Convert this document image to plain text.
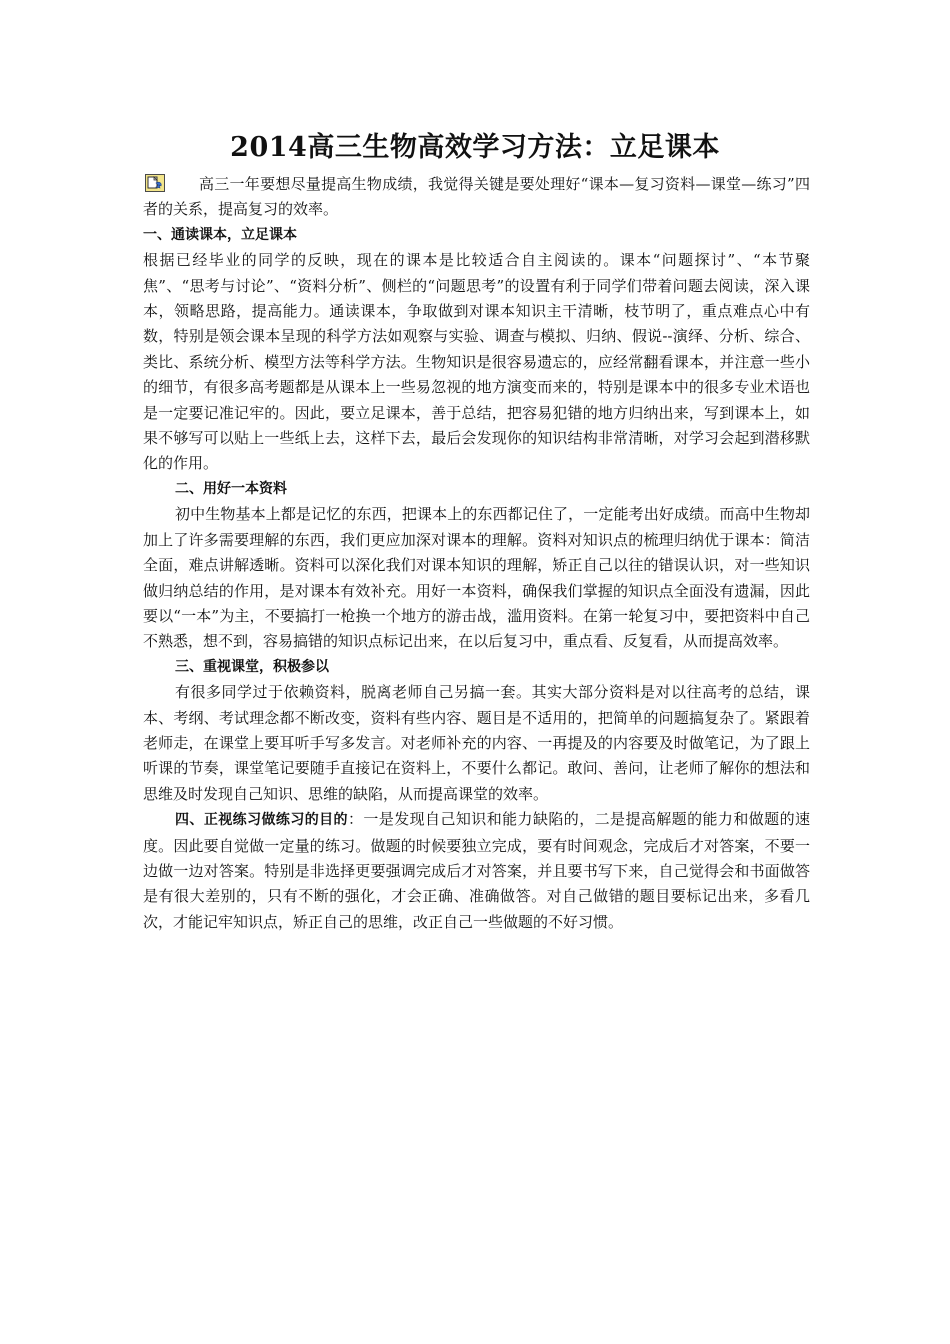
2014高三生物高效学习方法：立足课本

高三一年要想尽量提高生物成绩，我觉得关键是要处理好“课本—复习资料—课堂—练习”四者的关系，提高复习的效率。

一、通读课本，立足课本

根据已经毕业的同学的反映，现在的课本是比较适合自主阅读的。课本“问题探讨”、“本节聚焦”、“思考与讨论”、“资料分析”、侧栏的“问题思考”的设置有利于同学们带着问题去阅读，深入课本，领略思路，提高能力。通读课本，争取做到对课本知识主干清晰，枝节明了，重点难点心中有数，特别是领会课本呈现的科学方法如观察与实验、调查与模拟、归纳、假说--演绎、分析、综合、类比、系统分析、模型方法等科学方法。生物知识是很容易遗忘的，应经常翻看课本，并注意一些小的细节，有很多高考题都是从课本上一些易忽视的地方演变而来的，特别是课本中的很多专业术语也是一定要记准记牢的。因此，要立足课本，善于总结，把容易犯错的地方归纳出来，写到课本上，如果不够写可以贴上一些纸上去，这样下去，最后会发现你的知识结构非常清晰，对学习会起到潜移默化的作用。

二、用好一本资料

初中生物基本上都是记忆的东西，把课本上的东西都记住了，一定能考出好成绩。而高中生物却加上了许多需要理解的东西，我们更应加深对课本的理解。资料对知识点的梳理归纳优于课本：简洁全面，难点讲解透晰。资料可以深化我们对课本知识的理解，矫正自己以往的错误认识，对一些知识做归纳总结的作用，是对课本有效补充。用好一本资料，确保我们掌握的知识点全面没有遗漏，因此要以“一本”为主，不要搞打一枪换一个地方的游击战，滥用资料。在第一轮复习中，要把资料中自己不熟悉，想不到，容易搞错的知识点标记出来，在以后复习中，重点看、反复看，从而提高效率。

三、重视课堂，积极参以

有很多同学过于依赖资料，脱离老师自己另搞一套。其实大部分资料是对以往高考的总结，课本、考纲、考试理念都不断改变，资料有些内容、题目是不适用的，把简单的问题搞复杂了。紧跟着老师走，在课堂上要耳听手写多发言。对老师补充的内容、一再提及的内容要及时做笔记，为了跟上听课的节奏，课堂笔记要随手直接记在资料上，不要什么都记。敢问、善问，让老师了解你的想法和思维及时发现自己知识、思维的缺陷，从而提高课堂的效率。

四、正视练习做练习的目的：一是发现自己知识和能力缺陷的，二是提高解题的能力和做题的速度。因此要自觉做一定量的练习。做题的时候要独立完成，要有时间观念，完成后才对答案，不要一边做一边对答案。特别是非选择更要强调完成后才对答案，并且要书写下来，自己觉得会和书面做答是有很大差别的，只有不断的强化，才会正确、准确做答。对自己做错的题目要标记出来，多看几次，才能记牢知识点，矫正自己的思维，改正自己一些做题的不好习惯。
